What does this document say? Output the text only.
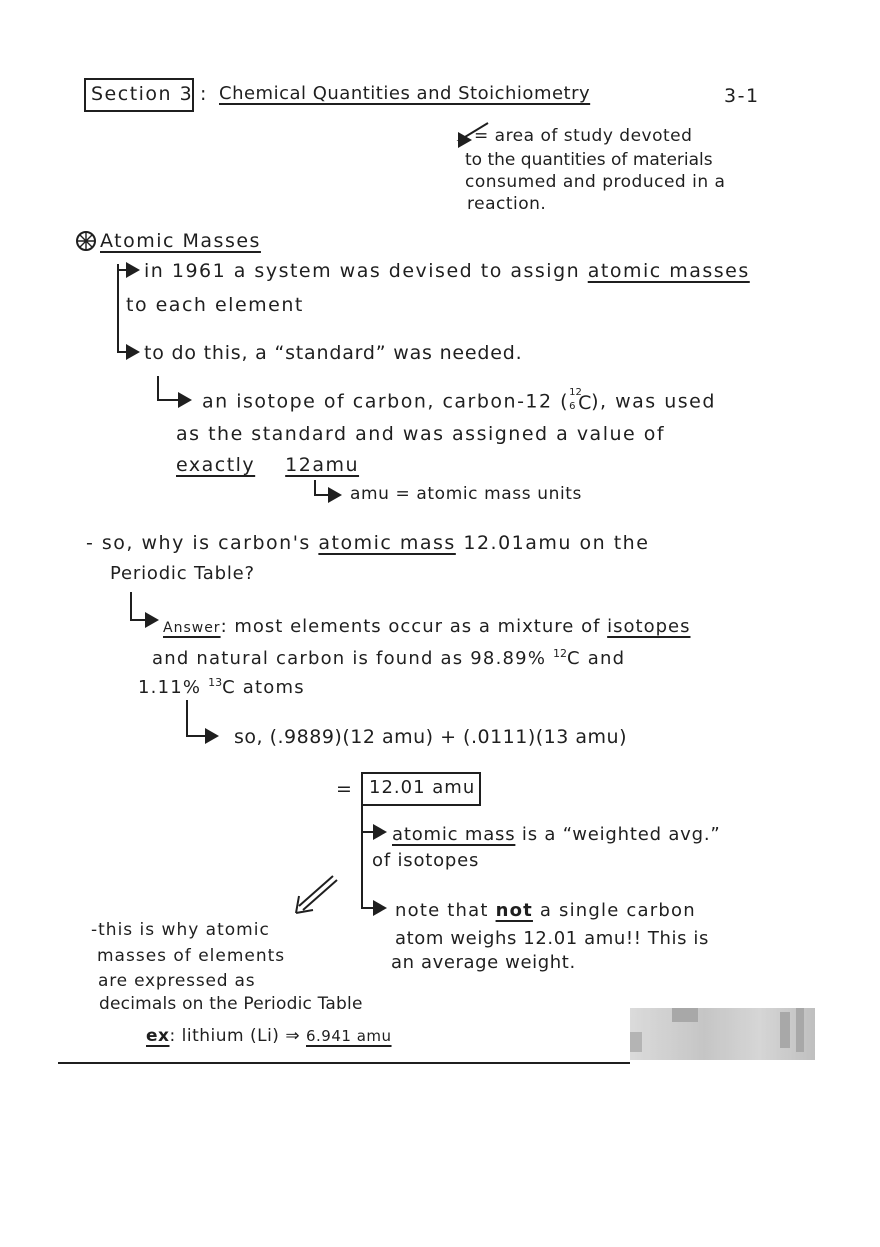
Section 3 : Chemical Quantities and Stoichiometry	3-1
= area of study devoted
to the quantities of materials
consumed and produced in a
reaction.
Atomic Masses
in 1961 a system was devised to assign atomic masses
to each element
to do this, a “standard” was needed.
an isotope of carbon, carbon-12 ( 12
6 C ), was used
as the standard and was assigned a value of
exactly 12amu
amu = atomic mass units
- so, why is carbon's atomic mass 12.01amu on the
Periodic Table?
Answer: most elements occur as a mixture of isotopes
and natural carbon is found as 98.89% $^{12}$C and
1.11% $^{13}$C atoms
so, (.9889)(12 amu) + (.0111)(13 amu)
= 12.01 amu
atomic mass is a “weighted avg.”
of isotopes
note that not a single carbon
atom weighs 12.01 amu!! This is
an average weight.
-this is why atomic
masses of elements
are expressed as
decimals on the Periodic Table
ex: lithium (Li) ⇒ 6.941 amu
